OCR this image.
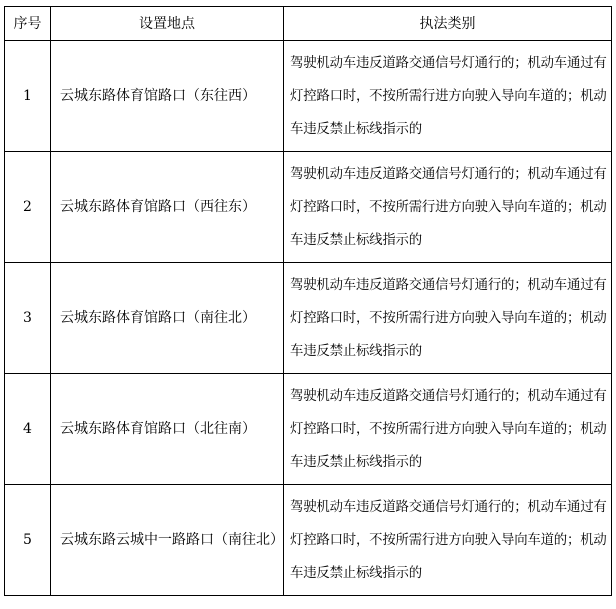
序号	设置地点	执法类别
1	云城东路体育馆路口（东往西）	驾驶机动车违反道路交通信号灯通行的；机动车通过有灯控路口时，不按所需行进方向驶入导向车道的；机动车违反禁止标线指示的
2	云城东路体育馆路口（西往东）	驾驶机动车违反道路交通信号灯通行的；机动车通过有灯控路口时，不按所需行进方向驶入导向车道的；机动车违反禁止标线指示的
3	云城东路体育馆路口（南往北）	驾驶机动车违反道路交通信号灯通行的；机动车通过有灯控路口时，不按所需行进方向驶入导向车道的；机动车违反禁止标线指示的
4	云城东路体育馆路口（北往南）	驾驶机动车违反道路交通信号灯通行的；机动车通过有灯控路口时，不按所需行进方向驶入导向车道的；机动车违反禁止标线指示的
5	云城东路云城中一路路口（南往北）	驾驶机动车违反道路交通信号灯通行的；机动车通过有灯控路口时，不按所需行进方向驶入导向车道的；机动车违反禁止标线指示的
